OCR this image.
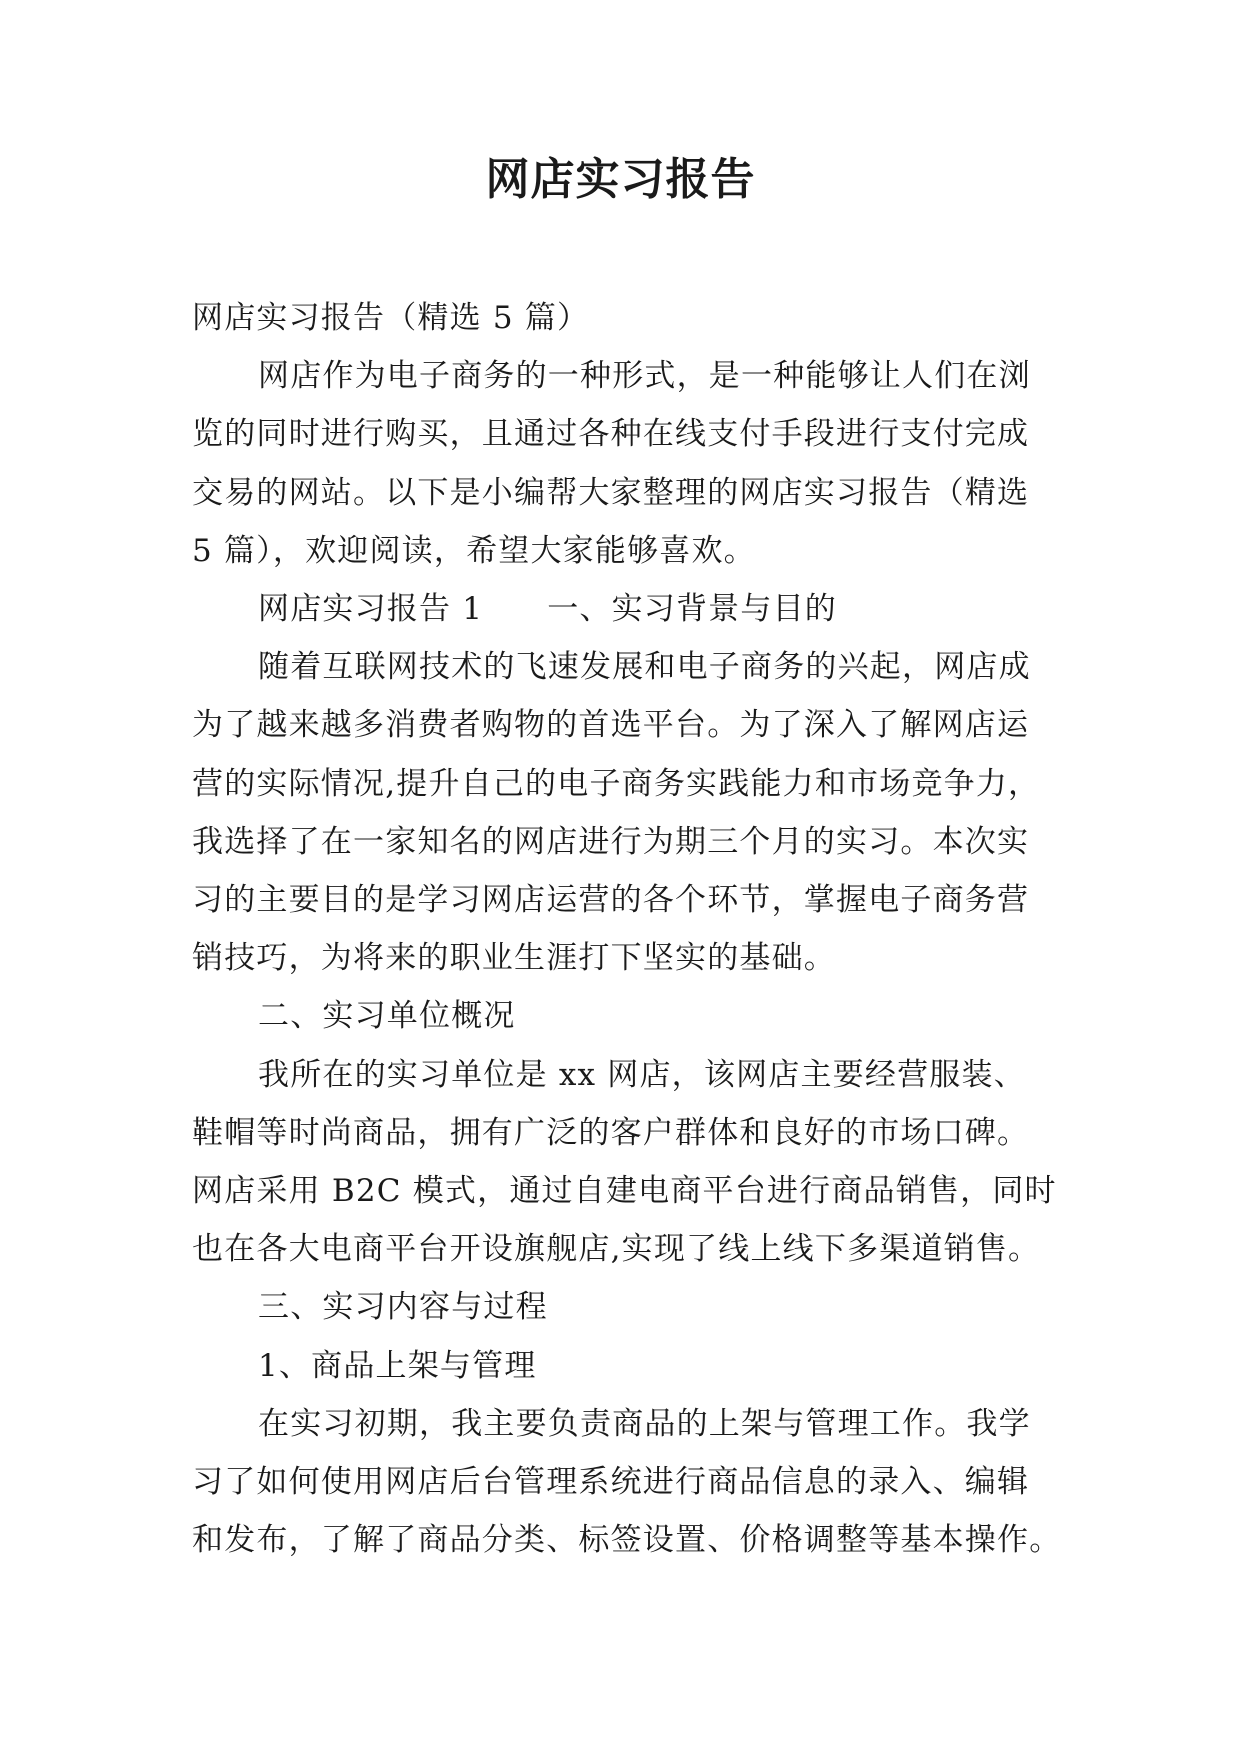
网店实习报告

网店实习报告（精选 5 篇）

网店作为电子商务的一种形式，是一种能够让人们在浏

览的同时进行购买，且通过各种在线支付手段进行支付完成

交易的网站。以下是小编帮大家整理的网店实习报告（精选

5 篇），欢迎阅读，希望大家能够喜欢。

网店实习报告 1 一、实习背景与目的

随着互联网技术的飞速发展和电子商务的兴起，网店成

为了越来越多消费者购物的首选平台。为了深入了解网店运

营的实际情况,提升自己的电子商务实践能力和市场竞争力，

我选择了在一家知名的网店进行为期三个月的实习。本次实

习的主要目的是学习网店运营的各个环节，掌握电子商务营

销技巧，为将来的职业生涯打下坚实的基础。

二、实习单位概况

我所在的实习单位是 xx 网店，该网店主要经营服装、

鞋帽等时尚商品，拥有广泛的客户群体和良好的市场口碑。

网店采用 B2C 模式，通过自建电商平台进行商品销售，同时

也在各大电商平台开设旗舰店,实现了线上线下多渠道销售。

三、实习内容与过程

1、商品上架与管理

在实习初期，我主要负责商品的上架与管理工作。我学

习了如何使用网店后台管理系统进行商品信息的录入、编辑

和发布，了解了商品分类、标签设置、价格调整等基本操作。
